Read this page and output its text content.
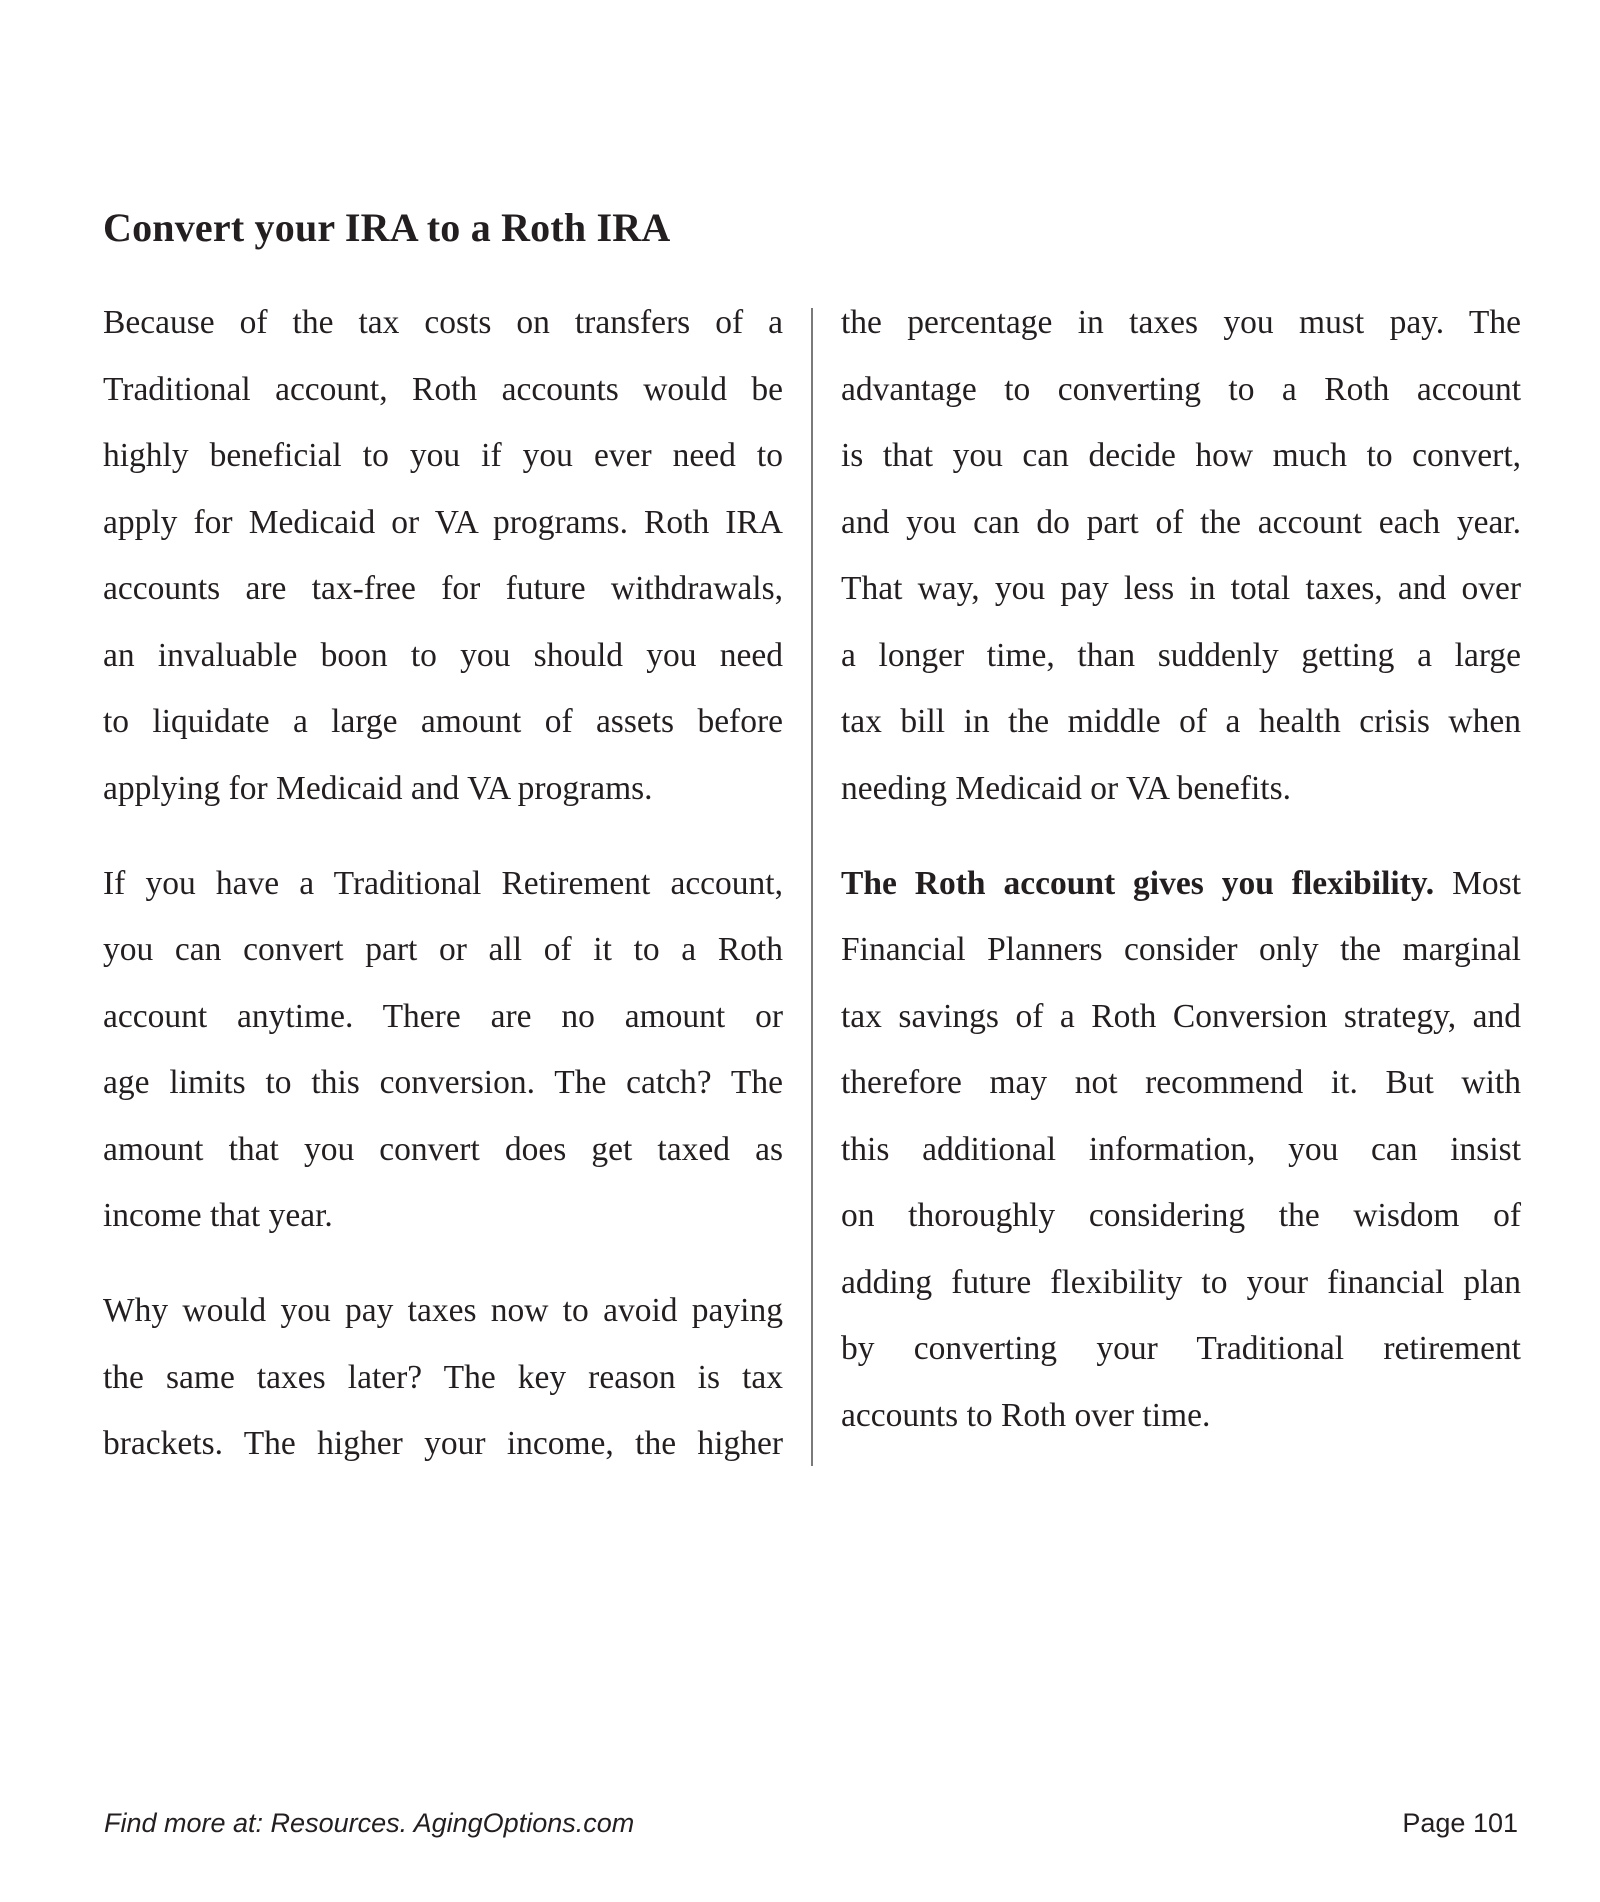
Convert your IRA to a Roth IRA

Because of the tax costs on transfers of a
Traditional account, Roth accounts would be
highly beneficial to you if you ever need to
apply for Medicaid or VA programs. Roth IRA
accounts are tax-free for future withdrawals,
an invaluable boon to you should you need
to liquidate a large amount of assets before
applying for Medicaid and VA programs.

If you have a Traditional Retirement account,
you can convert part or all of it to a Roth
account anytime. There are no amount or
age limits to this conversion. The catch? The
amount that you convert does get taxed as
income that year.

Why would you pay taxes now to avoid paying
the same taxes later? The key reason is tax
brackets. The higher your income, the higher

the percentage in taxes you must pay. The
advantage to converting to a Roth account
is that you can decide how much to convert,
and you can do part of the account each year.
That way, you pay less in total taxes, and over
a longer time, than suddenly getting a large
tax bill in the middle of a health crisis when
needing Medicaid or VA benefits.

The Roth account gives you flexibility. Most
Financial Planners consider only the marginal
tax savings of a Roth Conversion strategy, and
therefore may not recommend it. But with
this additional information, you can insist
on thoroughly considering the wisdom of
adding future flexibility to your financial plan
by converting your Traditional retirement
accounts to Roth over time.

Find more at: Resources. AgingOptions.com	Page 101
